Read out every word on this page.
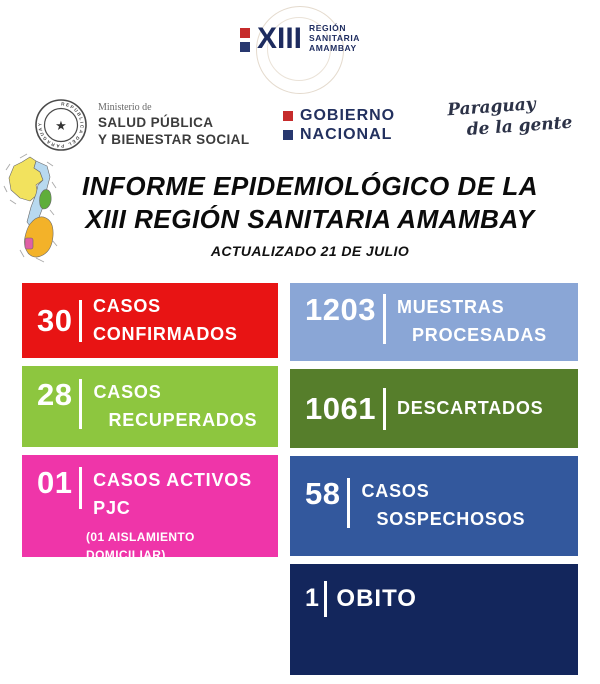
XIII REGIÓN
SANITARIA
AMAMBAY
REPUBLICA DEL PARAGUAY ★
Ministerio de
SALUD PÚBLICA
Y BIENESTAR SOCIAL
GOBIERNO
NACIONAL
Paraguay
de la gente
INFORME EPIDEMIOLÓGICO DE LA
XIII REGIÓN SANITARIA AMAMBAY
ACTUALIZADO 21 DE JULIO
30 CASOS CONFIRMADOS
28 CASOS
RECUPERADOS
01 CASOS ACTIVOS PJC
(01 AISLAMIENTO DOMICILIAR)
(1 sin nexo)
1203 MUESTRAS
PROCESADAS
1061 DESCARTADOS
58 CASOS
SOSPECHOSOS
1 OBITO
